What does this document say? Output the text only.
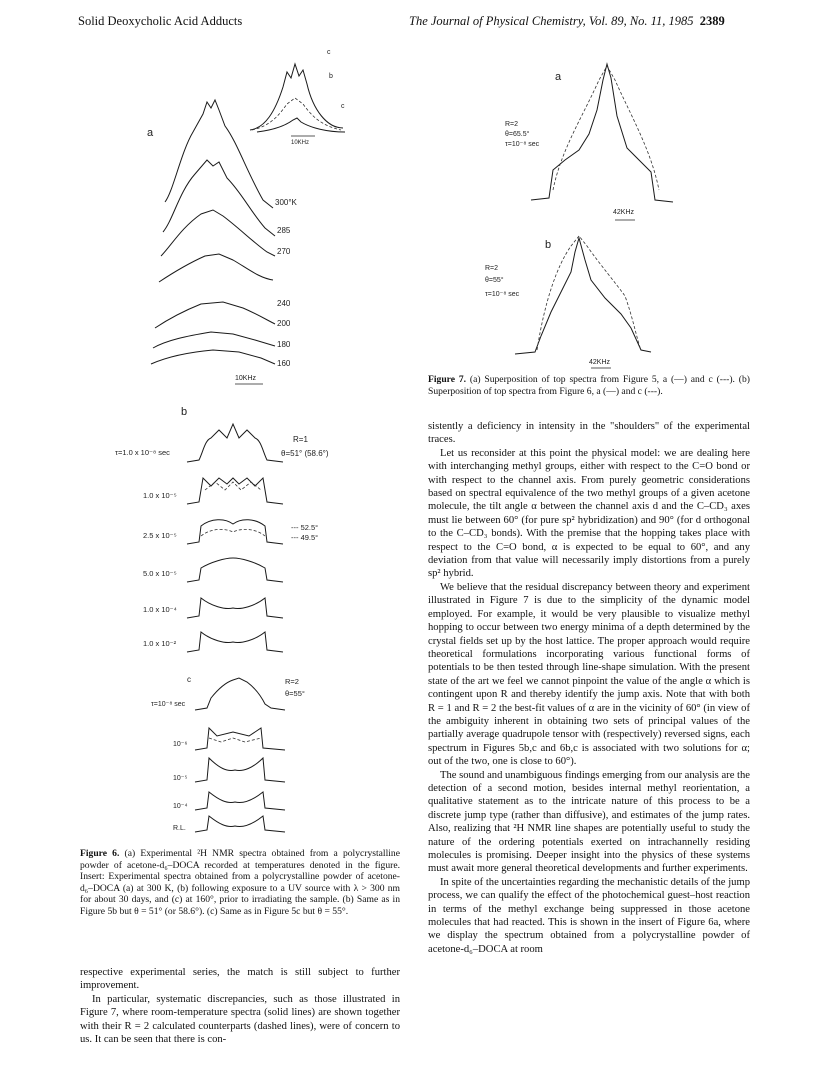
Solid Deoxycholic Acid Adducts	The Journal of Physical Chemistry, Vol. 89, No. 11, 1985 2389
a
c
b
c
10KHz
300°K
285
270
240
200
180
160
10KHz
b
R=1
θ=51° (58.6°)
τ=1.0 x 10⁻⁸ sec
1.0 x 10⁻⁵
2.5 x 10⁻⁵
5.0 x 10⁻⁵
1.0 x 10⁻⁴
1.0 x 10⁻²
--- 52.5°
--- 49.5°
c	R=2
θ=55°
τ=10⁻⁸ sec
10⁻⁶
10⁻⁵
10⁻⁴
R.L.
Figure 6. (a) Experimental ²H NMR spectra obtained from a polycrystalline powder of acetone-d₆–DOCA recorded at temperatures denoted in the figure. Insert: Experimental spectra obtained from a polycrystalline powder of acetone-d₆–DOCA (a) at 300 K, (b) following exposure to a UV source with λ > 300 nm for about 30 days, and (c) at 160°, prior to irradiating the sample. (b) Same as in Figure 5b but θ = 51° (or 58.6°). (c) Same as in Figure 5c but θ = 55°.

respective experimental series, the match is still subject to further improvement.

In particular, systematic discrepancies, such as those illustrated in Figure 7, where room-temperature spectra (solid lines) are shown together with their R = 2 calculated counterparts (dashed lines), were of concern to us. It can be seen that there is con-

a
R=2
θ=65.5°
τ=10⁻⁸ sec
42KHz
b
R=2
θ=55°
τ=10⁻⁸ sec
42KHz
Figure 7. (a) Superposition of top spectra from Figure 5, a (—) and c (---). (b) Superposition of top spectra from Figure 6, a (—) and c (---).

sistently a deficiency in intensity in the "shoulders" of the experimental traces.

Let us reconsider at this point the physical model: we are dealing here with interchanging methyl groups, either with respect to the C=O bond or with respect to the channel axis. From purely geometric considerations based on spectral equivalence of the two methyl groups of a given acetone molecule, the tilt angle α between the channel axis d and the C–CD₃ axes must lie between 60° (for pure sp² hybridization) and 90° (for d orthogonal to the C–CD₃ bonds). With the premise that the hopping takes place with respect to the C=O bond, α is expected to be equal to 60°, and any deviation from that value will necessarily imply distortions from a purely sp² hybrid.

We believe that the residual discrepancy between theory and experiment illustrated in Figure 7 is due to the simplicity of the dynamic model employed. For example, it would be very plausible to visualize methyl hopping to occur between two energy minima of a depth determined by the crystal fields set up by the host lattice. The proper approach would require theoretical formulations incorporating various functional forms of potentials to be then tested through line-shape simulation. With the present state of the art we feel we cannot pinpoint the value of the angle α which is contingent upon R and thereby identify the jump axis. Note that with both R = 1 and R = 2 the best-fit values of α are in the vicinity of 60° (in view of the ambiguity inherent in obtaining two sets of principal values of the partially average quadrupole tensor with (respectively) reversed signs, each spectrum in Figures 5b,c and 6b,c is associated with two solutions for α; out of the two, one is close to 60°).

The sound and unambiguous findings emerging from our analysis are the detection of a second motion, besides internal methyl reorientation, a qualitative statement as to the intricate nature of this process to be a discrete jump type (rather than diffusive), and estimates of the jump rates. Also, realizing that ²H NMR line shapes are potentially useful to study the nature of the ordering potentials exerted on intrachannelly residing molecules is promising. Deeper insight into the physics of these systems must await more general theoretical developments and further experiments.

In spite of the uncertainties regarding the mechanistic details of the jump process, we can qualify the effect of the photochemical guest–host reaction in terms of the methyl exchange being suppressed in those acetone molecules that had reacted. This is shown in the insert of Figure 6a, where we display the spectrum obtained from a polycrystalline powder of acetone-d₆–DOCA at room
